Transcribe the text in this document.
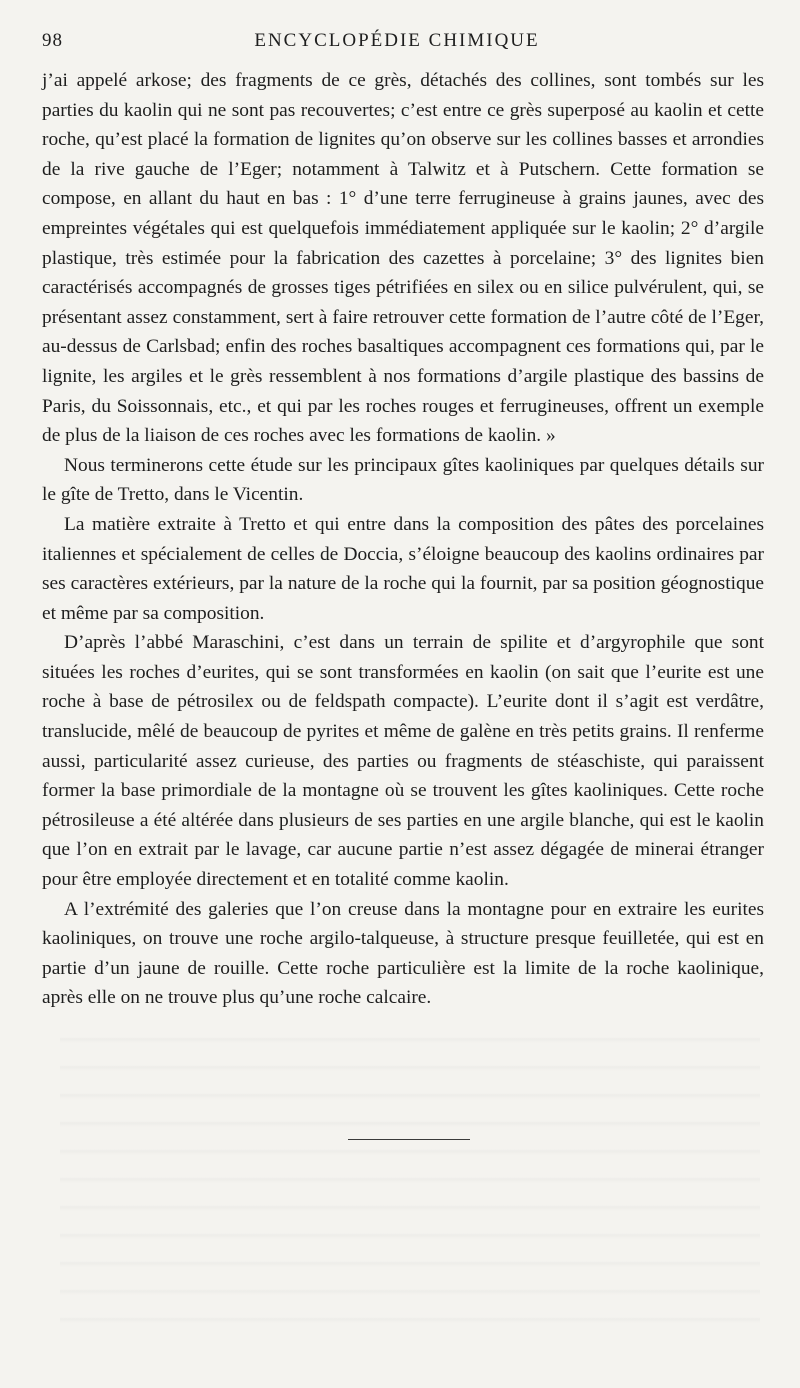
98	ENCYCLOPÉDIE CHIMIQUE

j’ai appelé arkose; des fragments de ce grès, détachés des collines, sont tombés sur les parties du kaolin qui ne sont pas recouvertes; c’est entre ce grès superposé au kaolin et cette roche, qu’est placé la formation de lignites qu’on observe sur les collines basses et arrondies de la rive gauche de l’Eger; notamment à Talwitz et à Putschern. Cette formation se compose, en allant du haut en bas : 1° d’une terre ferrugineuse à grains jaunes, avec des empreintes végétales qui est quelquefois immédiatement appliquée sur le kaolin; 2° d’argile plastique, très estimée pour la fabrication des cazettes à porcelaine; 3° des lignites bien caractérisés accompagnés de grosses tiges pétrifiées en silex ou en silice pulvérulent, qui, se présentant assez constamment, sert à faire retrouver cette formation de l’autre côté de l’Eger, au-dessus de Carlsbad; enfin des roches basaltiques accompagnent ces formations qui, par le lignite, les argiles et le grès ressemblent à nos formations d’argile plastique des bassins de Paris, du Soissonnais, etc., et qui par les roches rouges et ferrugineuses, offrent un exemple de plus de la liaison de ces roches avec les formations de kaolin. »

Nous terminerons cette étude sur les principaux gîtes kaoliniques par quelques détails sur le gîte de Tretto, dans le Vicentin.

La matière extraite à Tretto et qui entre dans la composition des pâtes des porcelaines italiennes et spécialement de celles de Doccia, s’éloigne beaucoup des kaolins ordinaires par ses caractères extérieurs, par la nature de la roche qui la fournit, par sa position géognostique et même par sa composition.

D’après l’abbé Maraschini, c’est dans un terrain de spilite et d’argyrophile que sont situées les roches d’eurites, qui se sont transformées en kaolin (on sait que l’eurite est une roche à base de pétrosilex ou de feldspath compacte). L’eurite dont il s’agit est verdâtre, translucide, mêlé de beaucoup de pyrites et même de galène en très petits grains. Il renferme aussi, particularité assez curieuse, des parties ou fragments de stéaschiste, qui paraissent former la base primordiale de la montagne où se trouvent les gîtes kaoliniques. Cette roche pétrosileuse a été altérée dans plusieurs de ses parties en une argile blanche, qui est le kaolin que l’on en extrait par le lavage, car aucune partie n’est assez dégagée de minerai étranger pour être employée directement et en totalité comme kaolin.

A l’extrémité des galeries que l’on creuse dans la montagne pour en extraire les eurites kaoliniques, on trouve une roche argilo-talqueuse, à structure presque feuilletée, qui est en partie d’un jaune de rouille. Cette roche particulière est la limite de la roche kaolinique, après elle on ne trouve plus qu’une roche calcaire.
